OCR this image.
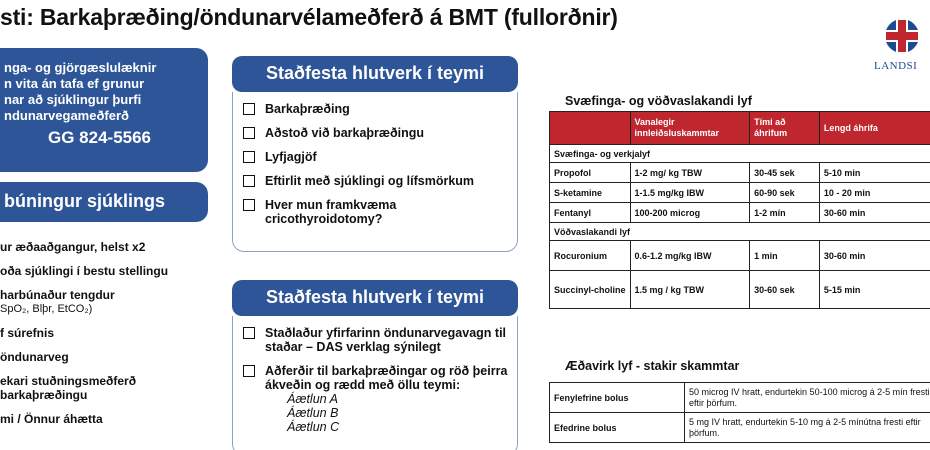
sti: Barkaþræðing/öndunarvélameðferð á BMT (fullorðnir)
LANDSI
nga- og gjörgæslulæknir
n vita án tafa ef grunur
nar að sjúklingur þurfi
ndunarvegameðferð
GG 824-5566
búningur sjúklings
ur æðaaðgangur, helst x2
oða sjúklingi í bestu stellingu
harbúnaður tengdur
SpO₂, Blþr, EtCO₂)
f súrefnis
öndunarveg
ekari stuðningsmeðferð
barkaþræðingu
mi / Önnur áhætta
Staðfesta hlutverk í teymi
Barkaþræðing
Aðstoð við barkaþræðingu
Lyfjagjöf
Eftirlit með sjúklingi og lífsmörkum
Hver mun framkvæma cricothyroidotomy?
Staðfesta hlutverk í teymi
Staðlaður yfirfarinn öndunarvegavagn til staðar – DAS verklag sýnilegt
Aðferðir til barkaþræðingar og röð þeirra ákveðin og rædd með öllu teymi:
Áætlun A
Áætlun B
Áætlun C
Svæfinga- og vöðvaslakandi lyf
	Vanalegir innleiðsluskammtar	Tími að áhrifum	Lengd áhrifa
Svæfinga- og verkjalyf			
Propofol	1-2 mg/ kg TBW	30-45 sek	5-10 min
S-ketamine	1-1.5 mg/kg IBW	60-90 sek	10 - 20 min
Fentanyl	100-200 microg	1-2 mín	30-60 min
Vöðvaslakandi lyf			
Rocuronium	0.6-1.2 mg/kg IBW	1 min	30-60 min
Succinyl-choline	1.5 mg / kg TBW	30-60 sek	5-15 min
Æðavirk lyf - stakir skammtar
Fenylefrine bolus	50 microg IV hratt, endurtekin 50-100 microg á 2-5 mín fresti eftir þörfum.
Efedrine bolus	5 mg IV hratt, endurtekin 5-10 mg á 2-5 mínútna fresti eftir þörfum.
